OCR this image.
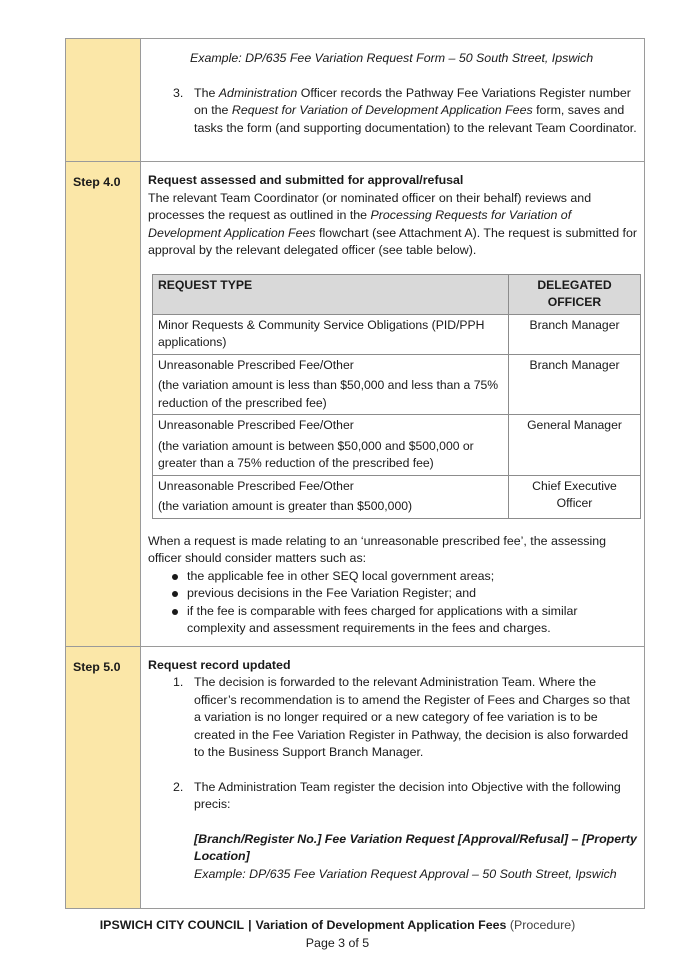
Example: DP/635 Fee Variation Request Form – 50 South Street, Ipswich
3. The Administration Officer records the Pathway Fee Variations Register number on the Request for Variation of Development Application Fees form, saves and tasks the form (and supporting documentation) to the relevant Team Coordinator.

Step 4.0	Request assessed and submitted for approval/refusal
The relevant Team Coordinator (or nominated officer on their behalf) reviews and processes the request as outlined in the Processing Requests for Variation of Development Application Fees flowchart (see Attachment A). The request is submitted for approval by the relevant delegated officer (see table below).
REQUEST TYPE	DELEGATED OFFICER
Minor Requests & Community Service Obligations (PID/PPH applications)	Branch Manager
Unreasonable Prescribed Fee/Other
(the variation amount is less than $50,000 and less than a 75% reduction of the prescribed fee)
	Branch Manager
Unreasonable Prescribed Fee/Other
(the variation amount is between $50,000 and $500,000 or greater than a 75% reduction of the prescribed fee)
	General Manager
Unreasonable Prescribed Fee/Other
(the variation amount is greater than $500,000)
	Chief Executive Officer
When a request is made relating to an ‘unreasonable prescribed fee’, the assessing officer should consider matters such as:
the applicable fee in other SEQ local government areas;
previous decisions in the Fee Variation Register; and
if the fee is comparable with fees charged for applications with a similar complexity and assessment requirements in the fees and charges.

Step 5.0	Request record updated
1. The decision is forwarded to the relevant Administration Team. Where the officer’s recommendation is to amend the Register of Fees and Charges so that a variation is no longer required or a new category of fee variation is to be created in the Fee Variation Register in Pathway, the decision is also forwarded to the Business Support Branch Manager.
2. The Administration Team register the decision into Objective with the following precis:
[Branch/Register No.] Fee Variation Request [Approval/Refusal] – [Property Location]
Example: DP/635 Fee Variation Request Approval – 50 South Street, Ipswich
IPSWICH CITY COUNCIL | Variation of Development Application Fees (Procedure)
Page 3 of 5
